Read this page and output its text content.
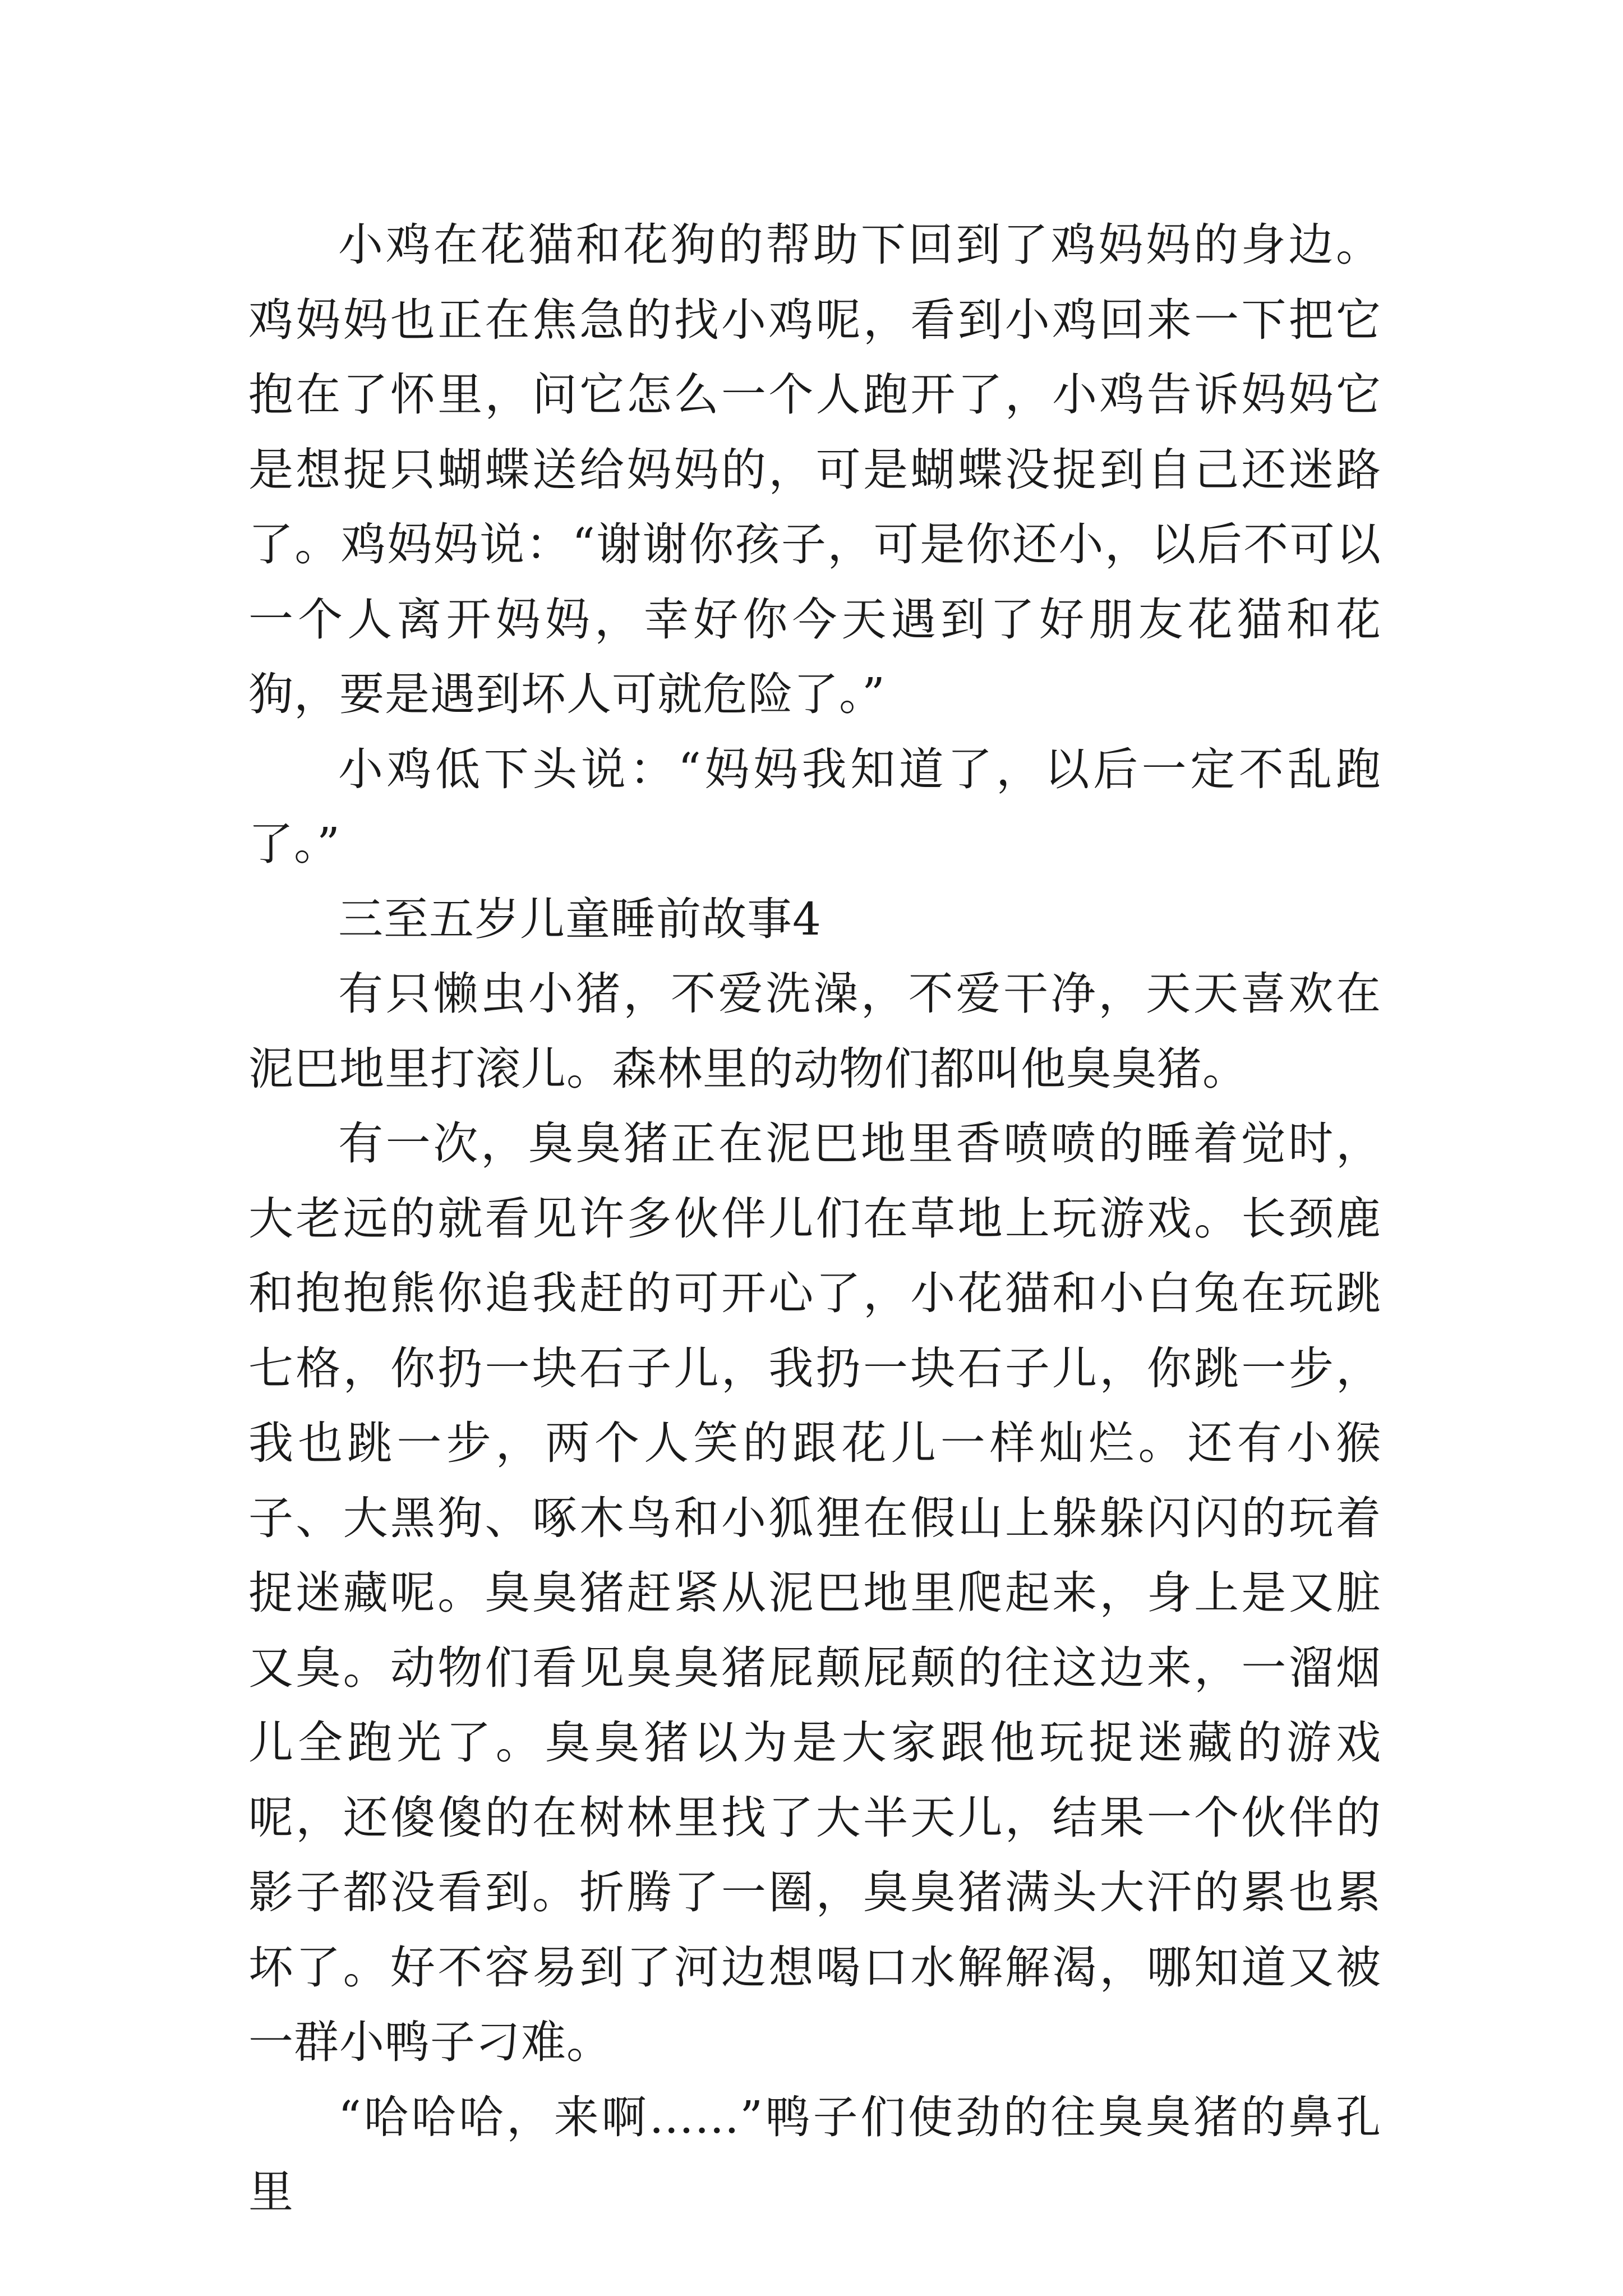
小鸡在花猫和花狗的帮助下回到了鸡妈妈的身边。鸡妈妈也正在焦急的找小鸡呢，看到小鸡回来一下把它抱在了怀里，问它怎么一个人跑开了，小鸡告诉妈妈它是想捉只蝴蝶送给妈妈的，可是蝴蝶没捉到自己还迷路了。鸡妈妈说：“谢谢你孩子，可是你还小，以后不可以一个人离开妈妈，幸好你今天遇到了好朋友花猫和花狗，要是遇到坏人可就危险了。”

小鸡低下头说：“妈妈我知道了，以后一定不乱跑了。”

三至五岁儿童睡前故事4

有只懒虫小猪，不爱洗澡，不爱干净，天天喜欢在泥巴地里打滚儿。森林里的动物们都叫他臭臭猪。

有一次，臭臭猪正在泥巴地里香喷喷的睡着觉时，大老远的就看见许多伙伴儿们在草地上玩游戏。长颈鹿和抱抱熊你追我赶的可开心了，小花猫和小白兔在玩跳七格，你扔一块石子儿，我扔一块石子儿，你跳一步，我也跳一步，两个人笑的跟花儿一样灿烂。还有小猴子、大黑狗、啄木鸟和小狐狸在假山上躲躲闪闪的玩着捉迷藏呢。臭臭猪赶紧从泥巴地里爬起来，身上是又脏又臭。动物们看见臭臭猪屁颠屁颠的往这边来，一溜烟儿全跑光了。臭臭猪以为是大家跟他玩捉迷藏的游戏呢，还傻傻的在树林里找了大半天儿，结果一个伙伴的影子都没看到。折腾了一圈，臭臭猪满头大汗的累也累坏了。好不容易到了河边想喝口水解解渴，哪知道又被一群小鸭子刁难。

“哈哈哈，来啊……”鸭子们使劲的往臭臭猪的鼻孔里
